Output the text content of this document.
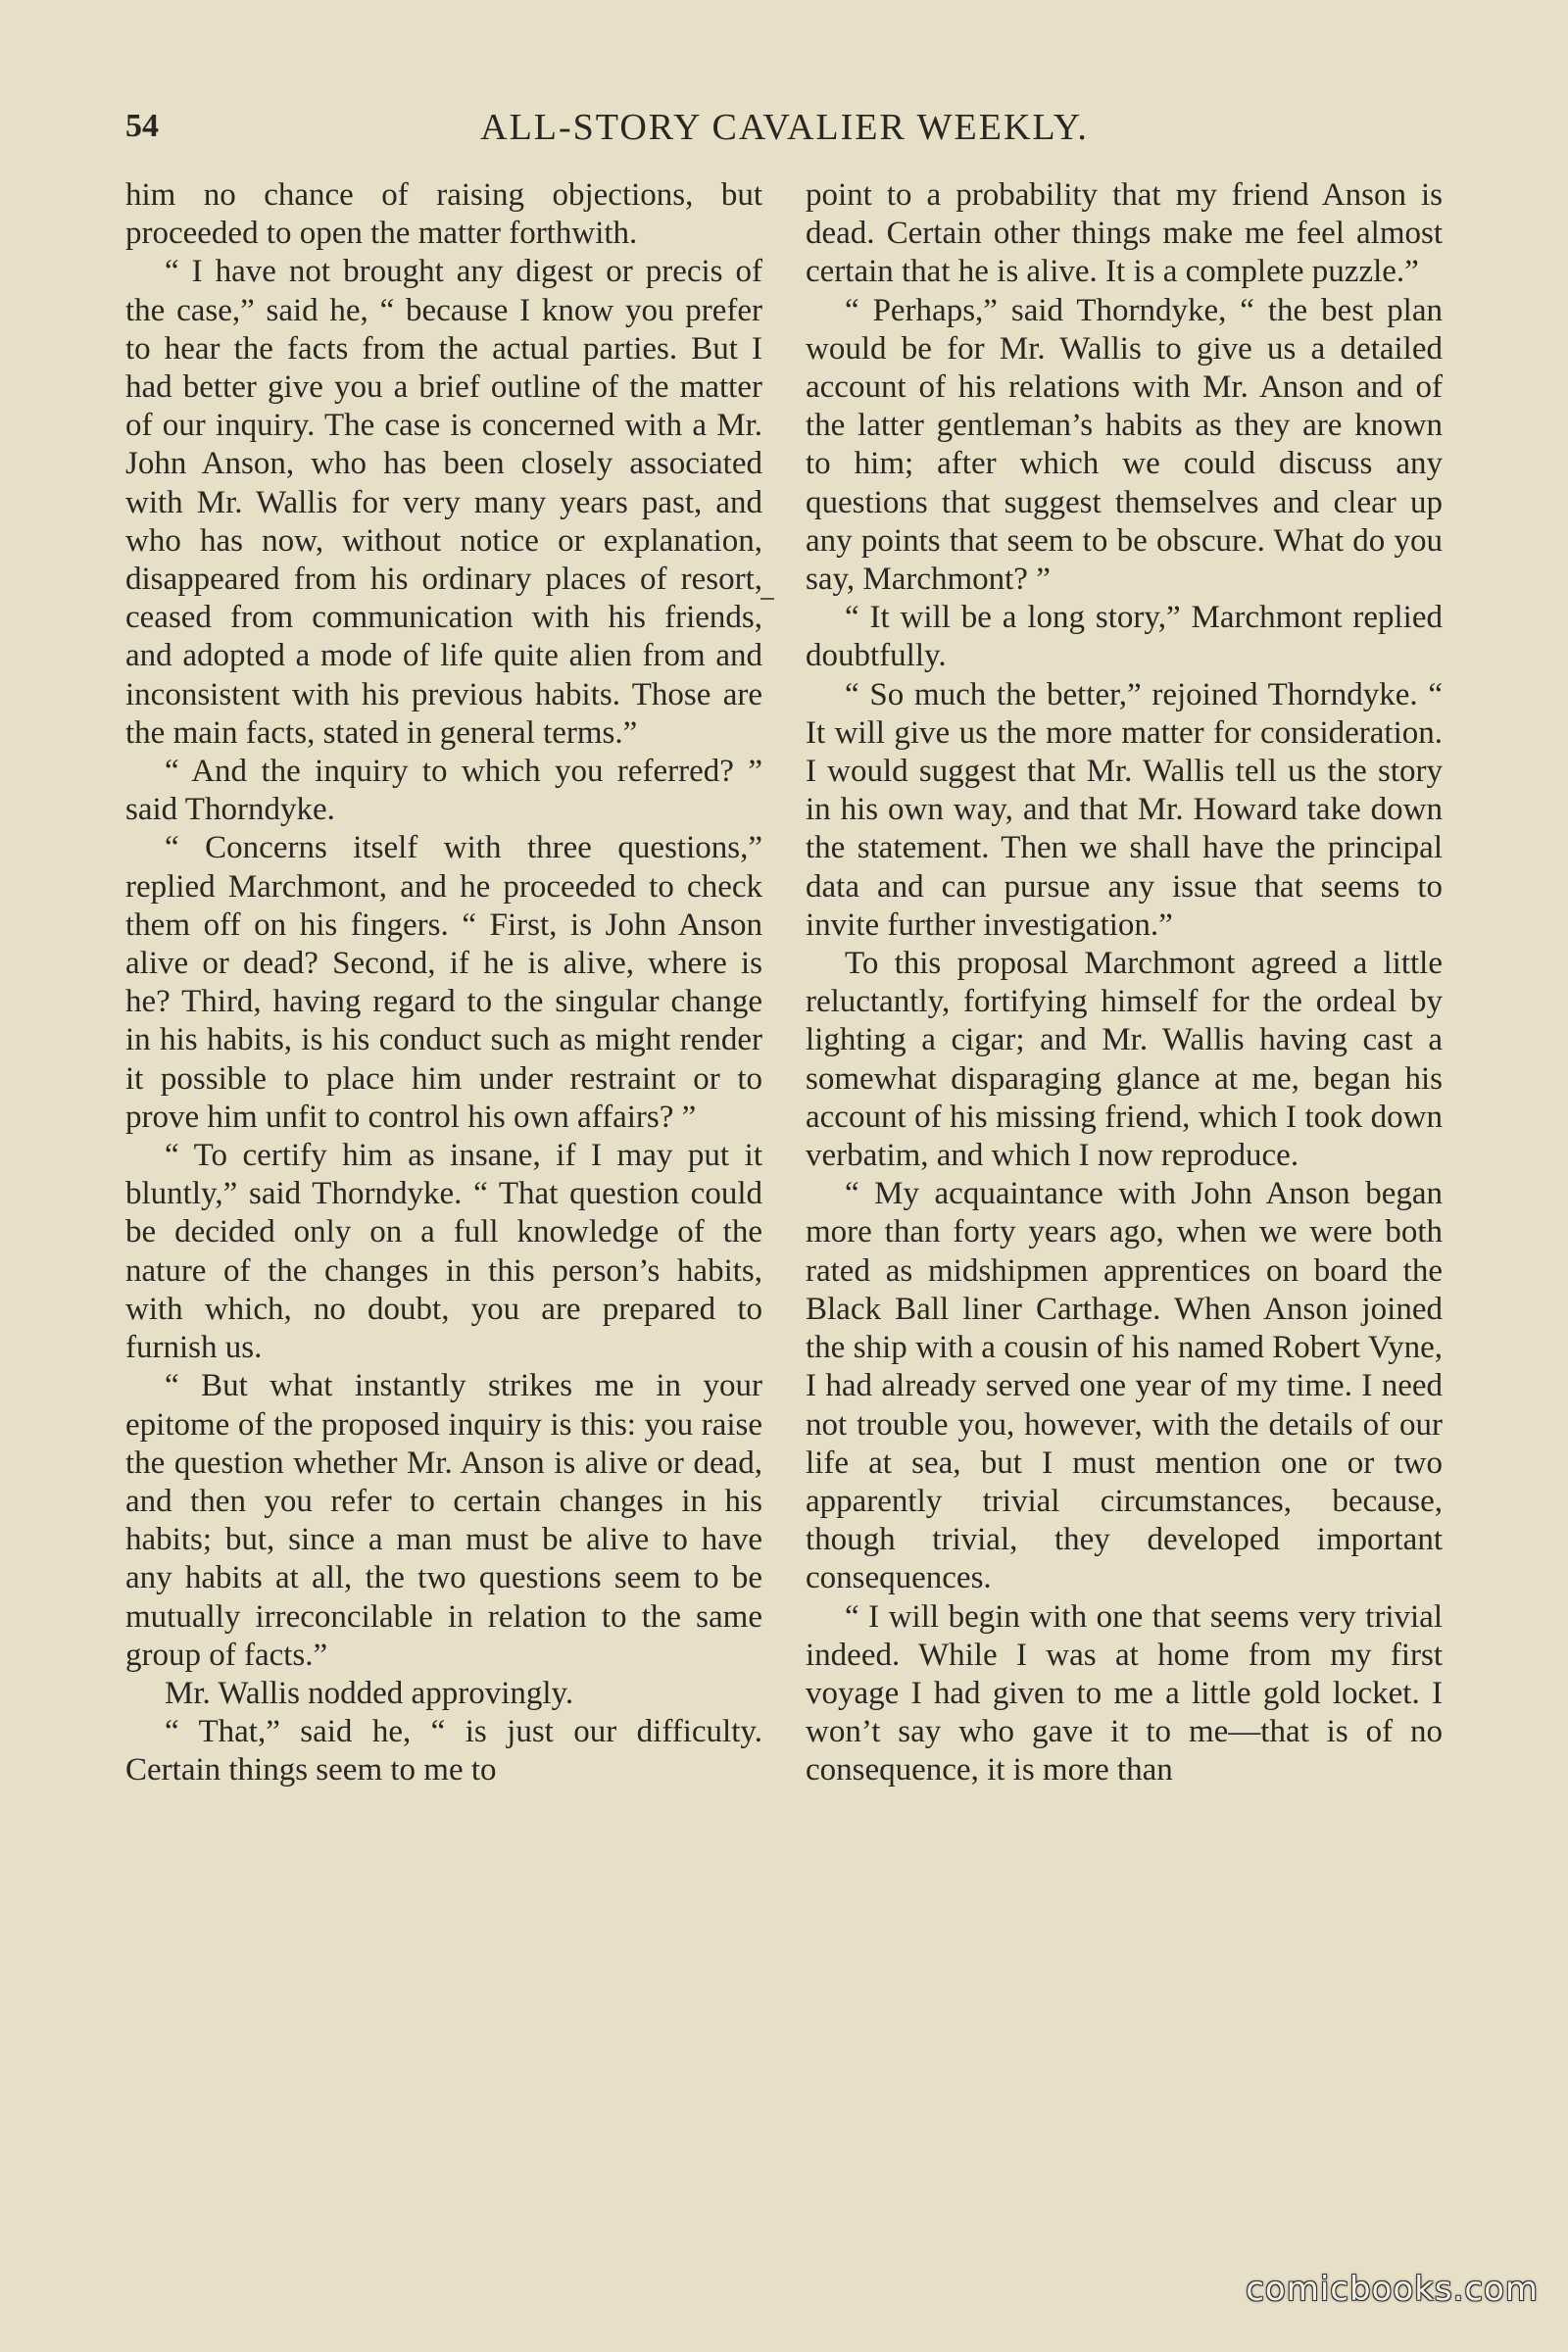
54	ALL-STORY CAVALIER WEEKLY.

him no chance of raising objections, but proceeded to open the matter forthwith.

“ I have not brought any digest or precis of the case,” said he, “ because I know you prefer to hear the facts from the actual parties. But I had better give you a brief outline of the matter of our inquiry. The case is concerned with a Mr. John Anson, who has been closely associated with Mr. Wallis for very many years past, and who has now, without notice or explanation, disappeared from his ordinary places of resort, ceased from communication with his friends, and adopted a mode of life quite alien from and inconsistent with his previous habits. Those are the main facts, stated in general terms.”

“ And the inquiry to which you referred? ” said Thorndyke.

“ Concerns itself with three questions,” replied Marchmont, and he proceeded to check them off on his fingers. “ First, is John Anson alive or dead? Second, if he is alive, where is he? Third, having regard to the singular change in his habits, is his conduct such as might render it possible to place him under restraint or to prove him unfit to control his own affairs? ”

“ To certify him as insane, if I may put it bluntly,” said Thorndyke. “ That question could be decided only on a full knowledge of the nature of the changes in this person’s habits, with which, no doubt, you are prepared to furnish us.

“ But what instantly strikes me in your epitome of the proposed inquiry is this: you raise the question whether Mr. Anson is alive or dead, and then you refer to certain changes in his habits; but, since a man must be alive to have any habits at all, the two questions seem to be mutually irreconcilable in relation to the same group of facts.”

Mr. Wallis nodded approvingly.

“ That,” said he, “ is just our difficulty. Certain things seem to me to

point to a probability that my friend Anson is dead. Certain other things make me feel almost certain that he is alive. It is a complete puzzle.”

“ Perhaps,” said Thorndyke, “ the best plan would be for Mr. Wallis to give us a detailed account of his relations with Mr. Anson and of the latter gentleman’s habits as they are known to him; after which we could discuss any questions that suggest themselves and clear up any points that seem to be obscure. What do you say, Marchmont? ”

“ It will be a long story,” Marchmont replied doubtfully.

“ So much the better,” rejoined Thorndyke. “ It will give us the more matter for consideration. I would suggest that Mr. Wallis tell us the story in his own way, and that Mr. Howard take down the statement. Then we shall have the principal data and can pursue any issue that seems to invite further investigation.”

To this proposal Marchmont agreed a little reluctantly, fortifying himself for the ordeal by lighting a cigar; and Mr. Wallis having cast a somewhat disparaging glance at me, began his account of his missing friend, which I took down verbatim, and which I now reproduce.

“ My acquaintance with John Anson began more than forty years ago, when we were both rated as midshipmen apprentices on board the Black Ball liner Carthage. When Anson joined the ship with a cousin of his named Robert Vyne, I had already served one year of my time. I need not trouble you, however, with the details of our life at sea, but I must mention one or two apparently trivial circumstances, because, though trivial, they developed important consequences.

“ I will begin with one that seems very trivial indeed. While I was at home from my first voyage I had given to me a little gold locket. I won’t say who gave it to me—that is of no consequence, it is more than

comicbooks.com
